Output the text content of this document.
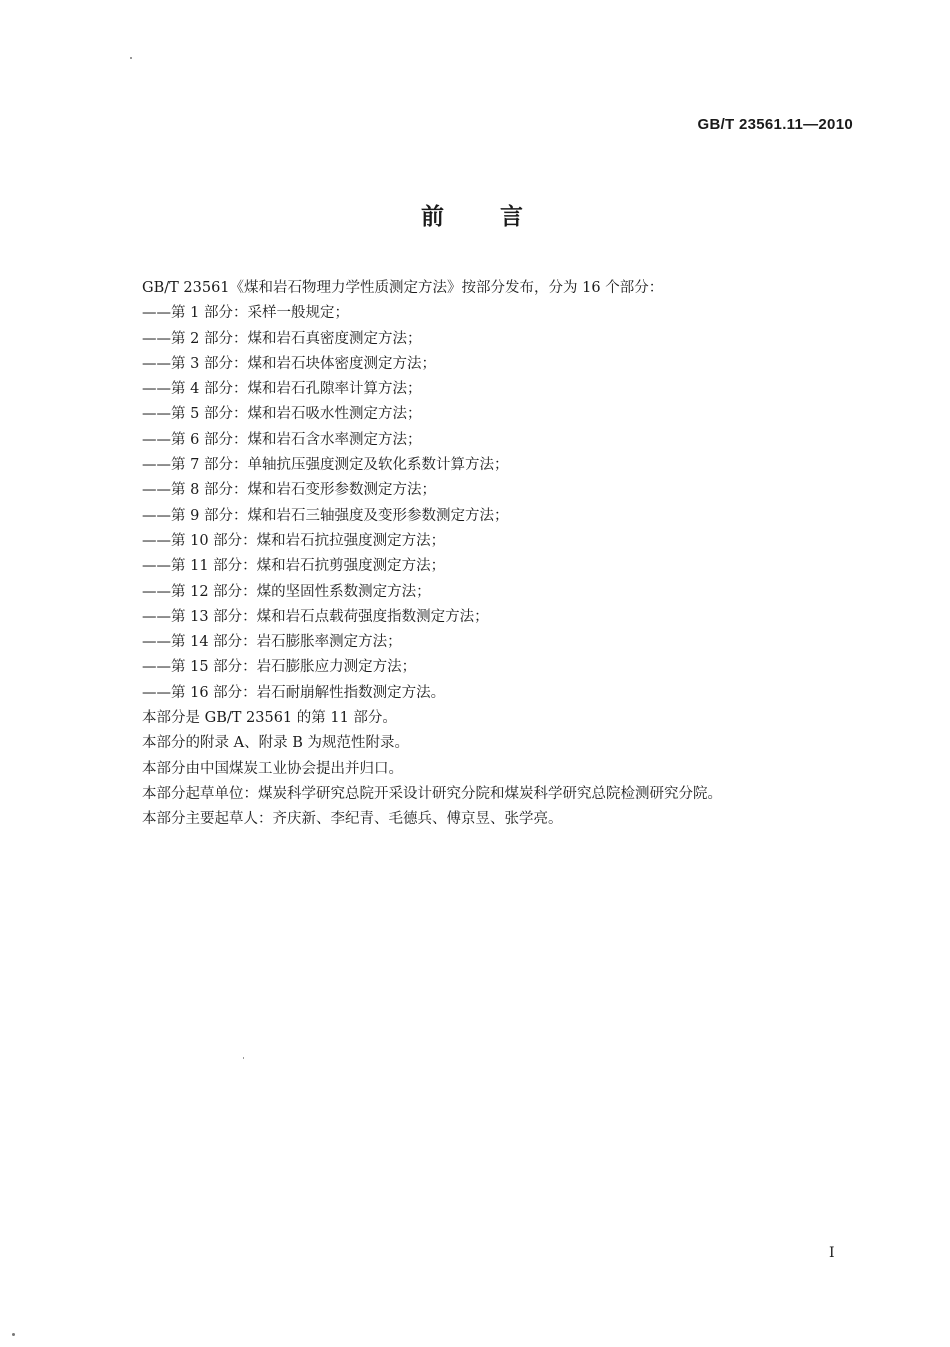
GB/T 23561.11—2010
前言
GB/T 23561《煤和岩石物理力学性质测定方法》按部分发布，分为 16 个部分：
——第 1 部分：采样一般规定；
——第 2 部分：煤和岩石真密度测定方法；
——第 3 部分：煤和岩石块体密度测定方法；
——第 4 部分：煤和岩石孔隙率计算方法；
——第 5 部分：煤和岩石吸水性测定方法；
——第 6 部分：煤和岩石含水率测定方法；
——第 7 部分：单轴抗压强度测定及软化系数计算方法；
——第 8 部分：煤和岩石变形参数测定方法；
——第 9 部分：煤和岩石三轴强度及变形参数测定方法；
——第 10 部分：煤和岩石抗拉强度测定方法；
——第 11 部分：煤和岩石抗剪强度测定方法；
——第 12 部分：煤的坚固性系数测定方法；
——第 13 部分：煤和岩石点载荷强度指数测定方法；
——第 14 部分：岩石膨胀率测定方法；
——第 15 部分：岩石膨胀应力测定方法；
——第 16 部分：岩石耐崩解性指数测定方法。
本部分是 GB/T 23561 的第 11 部分。
本部分的附录 A、附录 B 为规范性附录。
本部分由中国煤炭工业协会提出并归口。
本部分起草单位：煤炭科学研究总院开采设计研究分院和煤炭科学研究总院检测研究分院。
本部分主要起草人：齐庆新、李纪青、毛德兵、傅京昱、张学亮。
I
